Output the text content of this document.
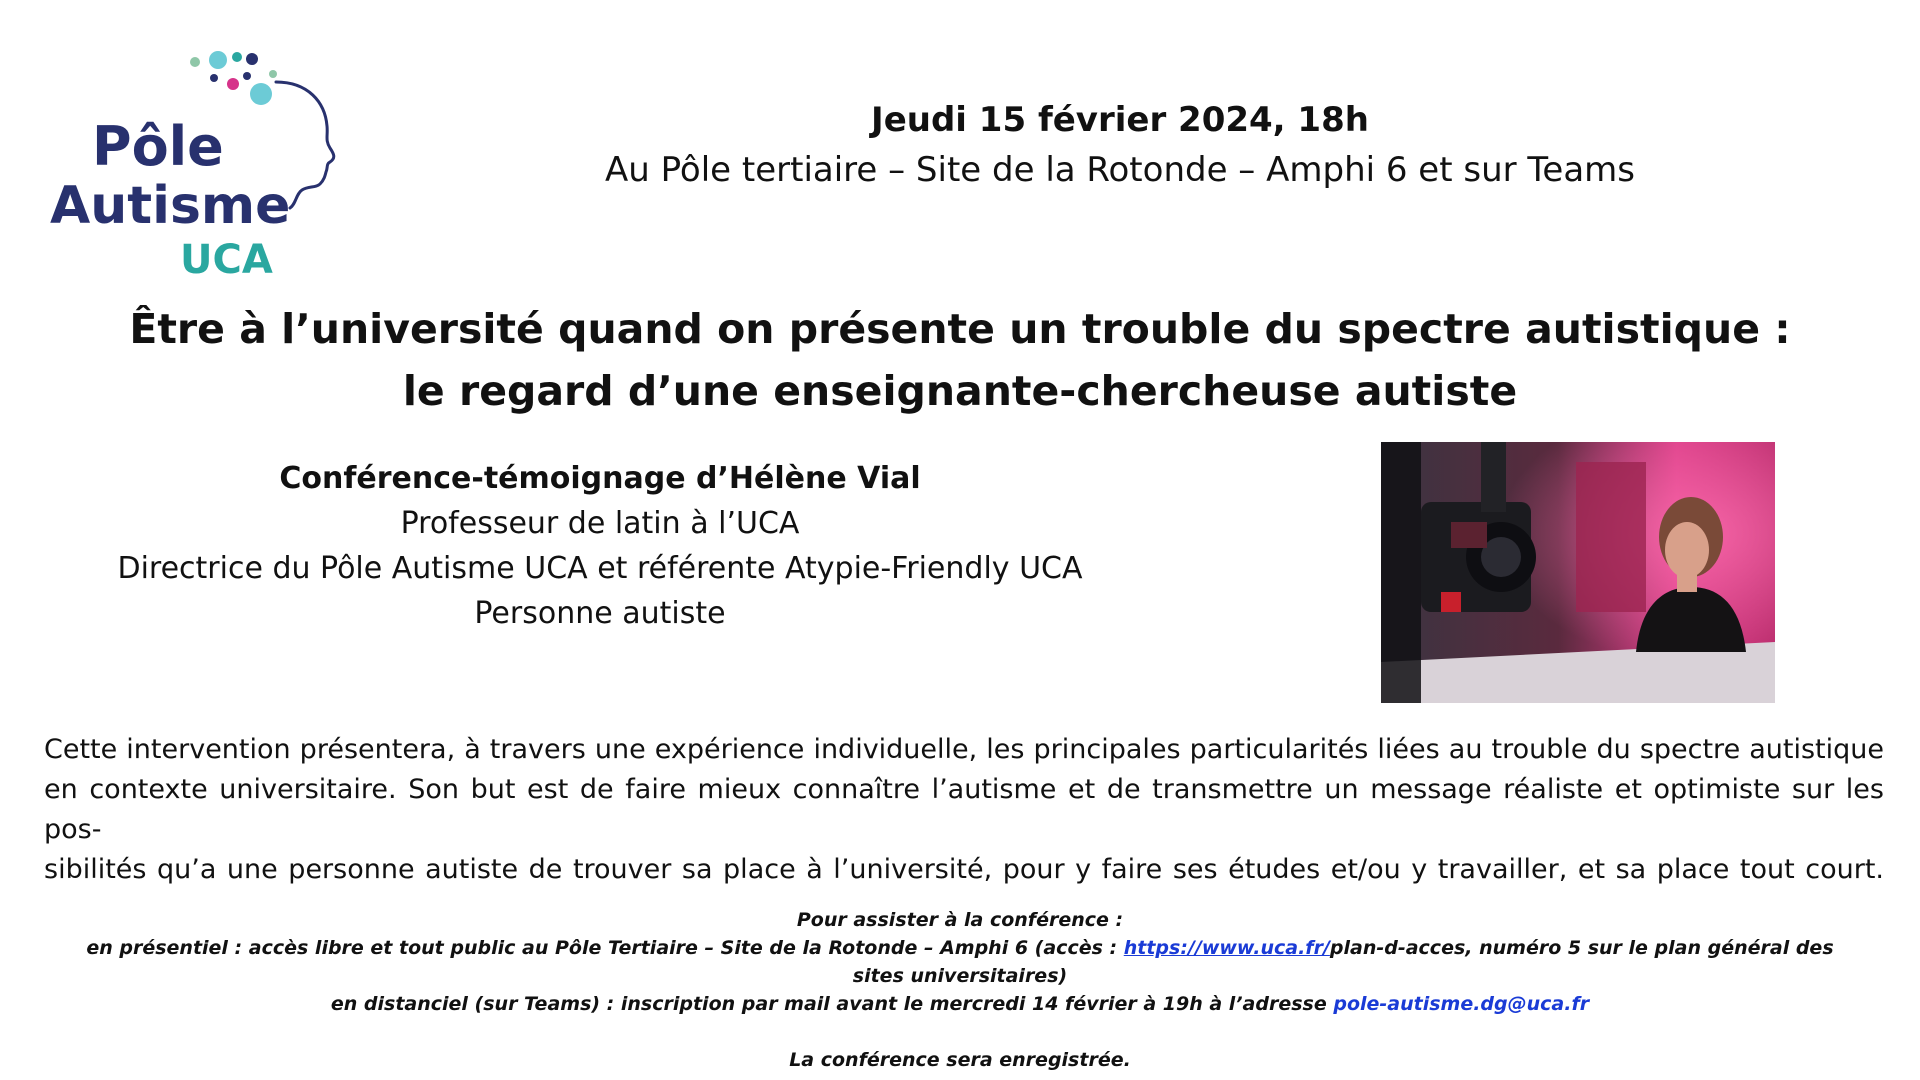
Pôle
Autisme
UCA
Jeudi 15 février 2024, 18h
Au Pôle tertiaire – Site de la Rotonde – Amphi 6 et sur Teams
Être à l’université quand on présente un trouble du spectre autistique :
le regard d’une enseignante-chercheuse autiste
Conférence-témoignage d’Hélène Vial
Professeur de latin à l’UCA
Directrice du Pôle Autisme UCA et référente Atypie-Friendly UCA
Personne autiste
Cette intervention présentera, à travers une expérience individuelle, les principales particularités liées au trouble du spectre autistique
en contexte universitaire. Son but est de faire mieux connaître l’autisme et de transmettre un message réaliste et optimiste sur les pos-
sibilités qu’a une personne autiste de trouver sa place à l’université, pour y faire ses études et/ou y travailler, et sa place tout court.
Pour assister à la conférence :
en présentiel : accès libre et tout public au Pôle Tertiaire – Site de la Rotonde – Amphi 6 (accès : https://www.uca.fr/plan-d-acces, numéro 5 sur le plan général des sites universitaires)
en distanciel (sur Teams) : inscription par mail avant le mercredi 14 février à 19h à l’adresse pole-autisme.dg@uca.fr
La conférence sera enregistrée.
